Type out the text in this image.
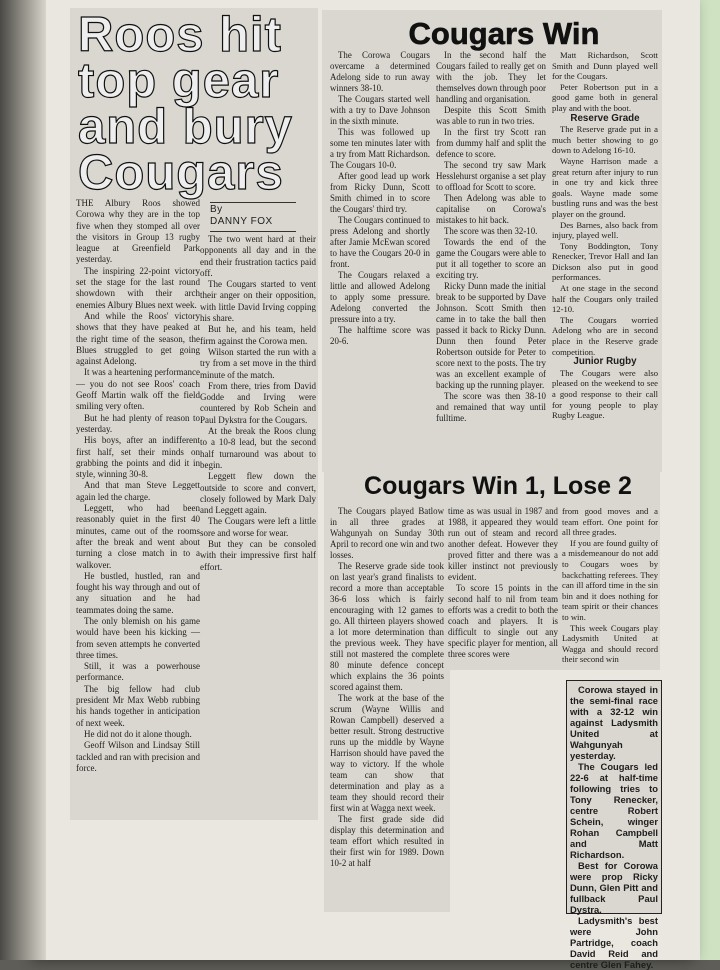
Roos hit
top gear
and bury
Cougars

THE Albury Roos showed Corowa why they are in the top five when they stomped all over the visitors in Group 13 rugby league at Greenfield Park yesterday.

The inspiring 22-point victory set the stage for the last round showdown with their arch enemies Albury Blues next week.

And while the Roos' victory shows that they have peaked at the right time of the season, the Blues struggled to get going against Adelong.

It was a heartening performance — you do not see Roos' coach Geoff Martin walk off the field smiling very often.

But he had plenty of reason to yesterday.

His boys, after an indifferent first half, set their minds on grabbing the points and did it in style, winning 30-8.

And that man Steve Leggett again led the charge.

Leggett, who had been reasonably quiet in the first 40 minutes, came out of the rooms after the break and went about turning a close match in to a walkover.

He bustled, hustled, ran and fought his way through and out of any situation and he had teammates doing the same.

The only blemish on his game would have been his kicking — from seven attempts he converted three times.

Still, it was a powerhouse performance.

The big fellow had club president Mr Max Webb rubbing his hands together in anticipation of next week.

He did not do it alone though.

Geoff Wilson and Lindsay Still tackled and ran with precision and force.

By
DANNY FOX

The two went hard at their opponents all day and in the end their frustration tactics paid off.

The Cougars started to vent their anger on their opposition, with little David Irving copping his share.

But he, and his team, held firm against the Corowa men.

Wilson started the run with a try from a set move in the third minute of the match.

From there, tries from David Godde and Irving were countered by Rob Schein and Paul Dykstra for the Cougars.

At the break the Roos clung to a 10-8 lead, but the second half turnaround was about to begin.

Leggett flew down the outside to score and convert, closely followed by Mark Daly and Leggett again.

The Cougars were left a little sore and worse for wear.

But they can be consoled with their impressive first half effort.

Cougars Win

The Corowa Cougars overcame a determined Adelong side to run away winners 38-10.

The Cougars started well with a try to Dave Johnson in the sixth minute.

This was followed up some ten minutes later with a try from Matt Richardson. The Cougars 10-0.

After good lead up work from Ricky Dunn, Scott Smith chimed in to score the Cougars' third try.

The Cougars continued to press Adelong and shortly after Jamie McEwan scored to have the Cougars 20-0 in front.

The Cougars relaxed a little and allowed Adelong to apply some pressure. Adelong converted the pressure into a try.

The halftime score was 20-6.

In the second half the Cougars failed to really get on with the job. They let themselves down through poor handling and organisation.

Despite this Scott Smith was able to run in two tries.

In the first try Scott ran from dummy half and split the defence to score.

The second try saw Mark Hesslehurst organise a set play to offload for Scott to score.

Then Adelong was able to capitalise on Corowa's mistakes to hit back.

The score was then 32-10.

Towards the end of the game the Cougars were able to put it all together to score an exciting try.

Ricky Dunn made the initial break to be supported by Dave Johnson. Scott Smith then came in to take the ball then passed it back to Ricky Dunn. Dunn then found Peter Robertson outside for Peter to score next to the posts. The try was an excellent example of backing up the running player.

The score was then 38-10 and remained that way until fulltime.

Matt Richardson, Scott Smith and Dunn played well for the Cougars.

Peter Robertson put in a good game both in general play and with the boot.

Reserve Grade

The Reserve grade put in a much better showing to go down to Adelong 16-10.

Wayne Harrison made a great return after injury to run in one try and kick three goals. Wayne made some bustling runs and was the best player on the ground.

Des Barnes, also back from injury, played well.

Tony Boddington, Tony Renecker, Trevor Hall and Ian Dickson also put in good performances.

At one stage in the second half the Cougars only trailed 12-10.

The Cougars worried Adelong who are in second place in the Reserve grade competition.

Junior Rugby

The Cougars were also pleased on the weekend to see a good response to their call for young people to play Rugby League.

Cougars Win 1, Lose 2

The Cougars played Batlow in all three grades at Wahgunyah on Sunday 30th April to record one win and two losses.

The Reserve grade side took on last year's grand finalists to record a more than acceptable 36-6 loss which is fairly encouraging with 12 games to go. All thirteen players showed a lot more determination than the previous week. They have still not mastered the complete 80 minute defence concept which explains the 36 points scored against them.

The work at the base of the scrum (Wayne Willis and Rowan Campbell) deserved a better result. Strong destructive runs up the middle by Wayne Harrison should have paved the way to victory. If the whole team can show that determination and play as a team they should record their first win at Wagga next week.

The first grade side did display this determination and team effort which resulted in their first win for 1989. Down 10-2 at half

time as was usual in 1987 and 1988, it appeared they would run out of steam and record another defeat. However they proved fitter and there was a killer instinct not previously evident.

To score 15 points in the second half to nil from team efforts was a credit to both the coach and players. It is difficult to single out any specific player for mention, all three scores were

from good moves and a team effort. One point for all three grades.

If you are found guilty of a misdemeanour do not add to Cougars woes by backchatting referees. They can ill afford time in the sin bin and it does nothing for team spirit or their chances to win.

This week Cougars play Ladysmith United at Wagga and should record their second win

Corowa stayed in the semi-final race with a 32-12 win against Ladysmith United at Wahgunyah yesterday.

The Cougars led 22-6 at half-time following tries to Tony Renecker, centre Robert Schein, winger Rohan Campbell and Matt Richardson.

Best for Corowa were prop Ricky Dunn, Glen Pitt and fullback Paul Dystra.

Ladysmith's best were John Partridge, coach David Reid and centre Glen Fahey.
